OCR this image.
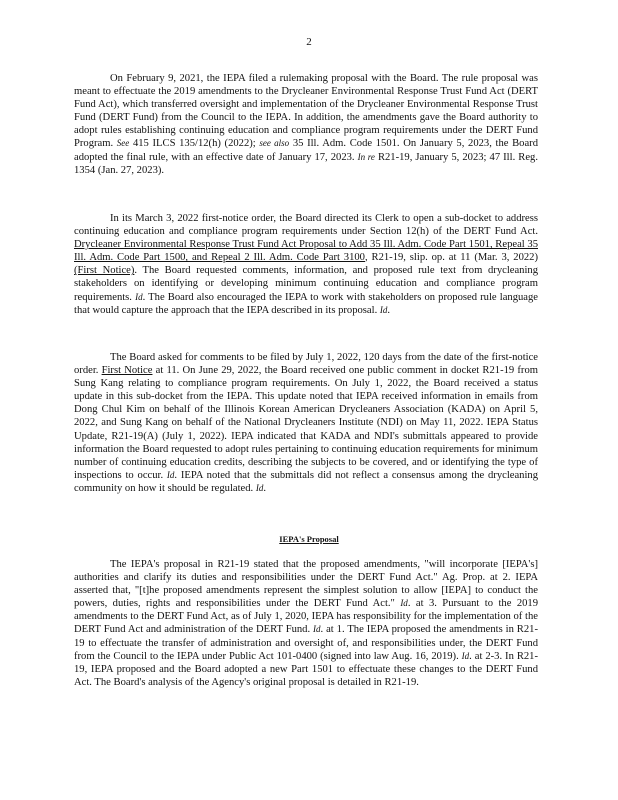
2

On February 9, 2021, the IEPA filed a rulemaking proposal with the Board. The rule proposal was meant to effectuate the 2019 amendments to the Drycleaner Environmental Response Trust Fund Act (DERT Fund Act), which transferred oversight and implementation of the Drycleaner Environmental Response Trust Fund (DERT Fund) from the Council to the IEPA. In addition, the amendments gave the Board authority to adopt rules establishing continuing education and compliance program requirements under the DERT Fund Program. See 415 ILCS 135/12(h) (2022); see also 35 Ill. Adm. Code 1501. On January 5, 2023, the Board adopted the final rule, with an effective date of January 17, 2023. In re R21-19, January 5, 2023; 47 Ill. Reg. 1354 (Jan. 27, 2023).

In its March 3, 2022 first-notice order, the Board directed its Clerk to open a sub-docket to address continuing education and compliance program requirements under Section 12(h) of the DERT Fund Act. Drycleaner Environmental Response Trust Fund Act Proposal to Add 35 Ill. Adm. Code Part 1501, Repeal 35 Ill. Adm. Code Part 1500, and Repeal 2 Ill. Adm. Code Part 3100, R21-19, slip. op. at 11 (Mar. 3, 2022) (First Notice). The Board requested comments, information, and proposed rule text from drycleaning stakeholders on identifying or developing minimum continuing education and compliance program requirements. Id. The Board also encouraged the IEPA to work with stakeholders on proposed rule language that would capture the approach that the IEPA described in its proposal. Id.

The Board asked for comments to be filed by July 1, 2022, 120 days from the date of the first-notice order. First Notice at 11. On June 29, 2022, the Board received one public comment in docket R21-19 from Sung Kang relating to compliance program requirements. On July 1, 2022, the Board received a status update in this sub-docket from the IEPA. This update noted that IEPA received information in emails from Dong Chul Kim on behalf of the Illinois Korean American Drycleaners Association (KADA) on April 5, 2022, and Sung Kang on behalf of the National Drycleaners Institute (NDI) on May 11, 2022. IEPA Status Update, R21-19(A) (July 1, 2022). IEPA indicated that KADA and NDI's submittals appeared to provide information the Board requested to adopt rules pertaining to continuing education requirements for minimum number of continuing education credits, describing the subjects to be covered, and or identifying the type of inspections to occur. Id. IEPA noted that the submittals did not reflect a consensus among the drycleaning community on how it should be regulated. Id.

IEPA's Proposal

The IEPA's proposal in R21-19 stated that the proposed amendments, "will incorporate [IEPA's] authorities and clarify its duties and responsibilities under the DERT Fund Act." Ag. Prop. at 2. IEPA asserted that, "[t]he proposed amendments represent the simplest solution to allow [IEPA] to conduct the powers, duties, rights and responsibilities under the DERT Fund Act." Id. at 3. Pursuant to the 2019 amendments to the DERT Fund Act, as of July 1, 2020, IEPA has responsibility for the implementation of the DERT Fund Act and administration of the DERT Fund. Id. at 1. The IEPA proposed the amendments in R21-19 to effectuate the transfer of administration and oversight of, and responsibilities under, the DERT Fund from the Council to the IEPA under Public Act 101-0400 (signed into law Aug. 16, 2019). Id. at 2-3. In R21-19, IEPA proposed and the Board adopted a new Part 1501 to effectuate these changes to the DERT Fund Act. The Board's analysis of the Agency's original proposal is detailed in R21-19.
